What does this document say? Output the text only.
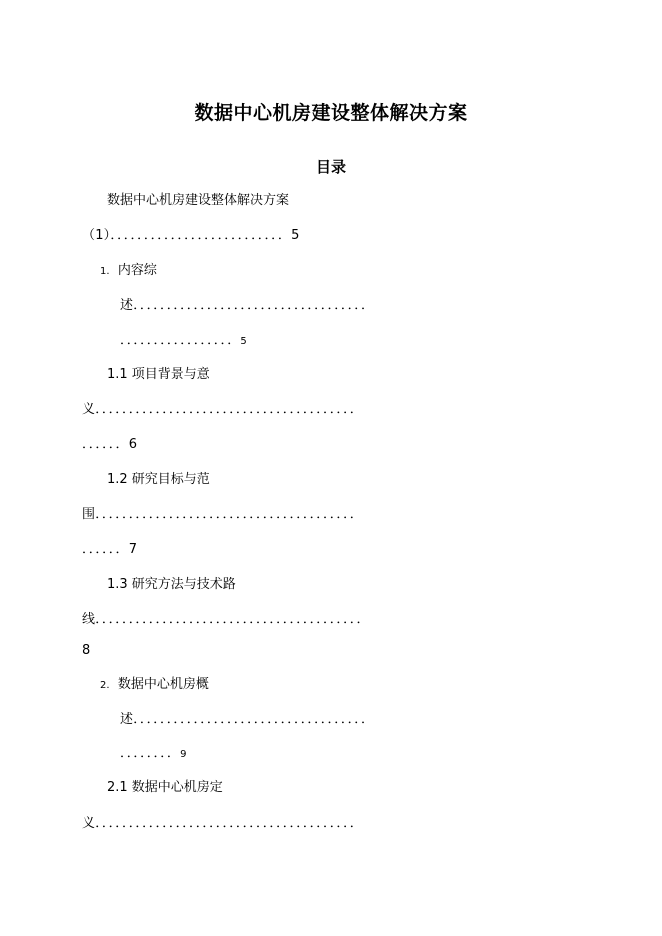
数据中心机房建设整体解决方案
目录
数据中心机房建设整体解决方案
（1）．．．．．．．．．．．．．．．．．．．．．．．．．．5
1. 内容综
述．．．．．．．．．．．．．．．．．．．．．．．．．．．．．．．．．．．
．．．．．．．．．．．．．．．．．5
1.1 项目背景与意
义．．．．．．．．．．．．．．．．．．．．．．．．．．．．．．．．．．．．．．．
．．．．．．6
1.2 研究目标与范
围．．．．．．．．．．．．．．．．．．．．．．．．．．．．．．．．．．．．．．．
．．．．．．7
1.3 研究方法与技术路
线．．．．．．．．．．．．．．．．．．．．．．．．．．．．．．．．．．．．．．．．
8
2. 数据中心机房概
述．．．．．．．．．．．．．．．．．．．．．．．．．．．．．．．．．．．
．．．．．．．．9
2.1 数据中心机房定
义．．．．．．．．．．．．．．．．．．．．．．．．．．．．．．．．．．．．．．．
